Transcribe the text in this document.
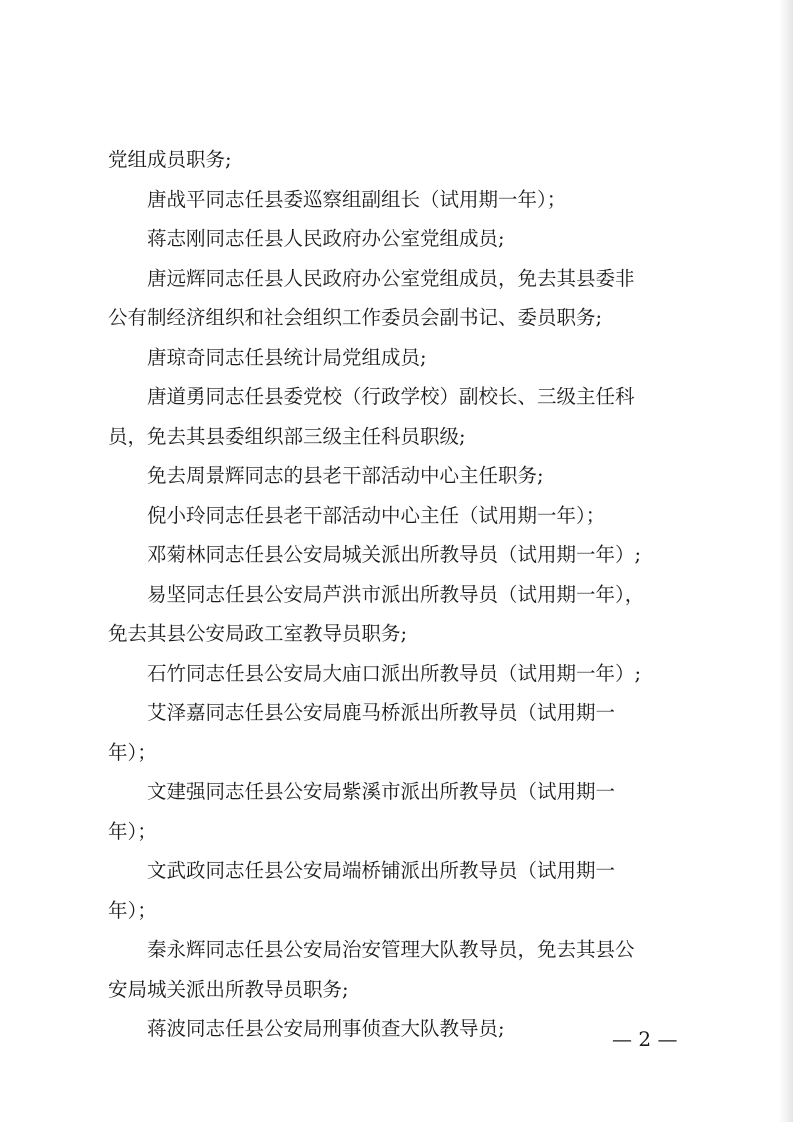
党组成员职务;
唐战平同志任县委巡察组副组长（试用期一年）；
蒋志刚同志任县人民政府办公室党组成员;
唐远辉同志任县人民政府办公室党组成员，免去其县委非
公有制经济组织和社会组织工作委员会副书记、委员职务;
唐琼奇同志任县统计局党组成员;
唐道勇同志任县委党校（行政学校）副校长、三级主任科
员，免去其县委组织部三级主任科员职级;
免去周景辉同志的县老干部活动中心主任职务;
倪小玲同志任县老干部活动中心主任（试用期一年）；
邓菊林同志任县公安局城关派出所教导员（试用期一年）;
易坚同志任县公安局芦洪市派出所教导员（试用期一年），
免去其县公安局政工室教导员职务;
石竹同志任县公安局大庙口派出所教导员（试用期一年）;
艾泽嘉同志任县公安局鹿马桥派出所教导员（试用期一
年）；
文建强同志任县公安局紫溪市派出所教导员（试用期一
年）；
文武政同志任县公安局端桥铺派出所教导员（试用期一
年）；
秦永辉同志任县公安局治安管理大队教导员，免去其县公
安局城关派出所教导员职务;
蒋波同志任县公安局刑事侦查大队教导员;	— 2 —
